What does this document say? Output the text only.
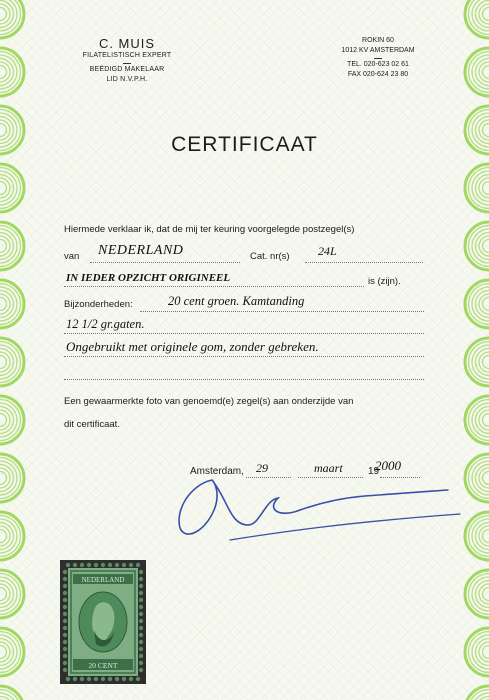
C. MUIS
FILATELISTISCH EXPERT
BEËDIGD MAKELAAR
LID N.V.P.H.
ROKIN 60
1012 KV AMSTERDAM
TEL. 020-623 02 61
FAX 020-624 23 80
CERTIFICAAT
Hiermede verklaar ik, dat de mij ter keuring voorgelegde postzegel(s)
van NEDERLAND	Cat. nr(s) 24L
IN IEDER OPZICHT ORIGINEEL	is (zijn).
Bijzonderheden:	20 cent groen. Kamtanding
12 1/2 gr.gaten.
Ongebruikt met originele gom, zonder gebreken.
Een gewaarmerkte foto van genoemd(e) zegel(s) aan onderzijde van
dit certificaat.
Amsterdam, 29	maart	19
2000
NEDERLAND
20 CENT
